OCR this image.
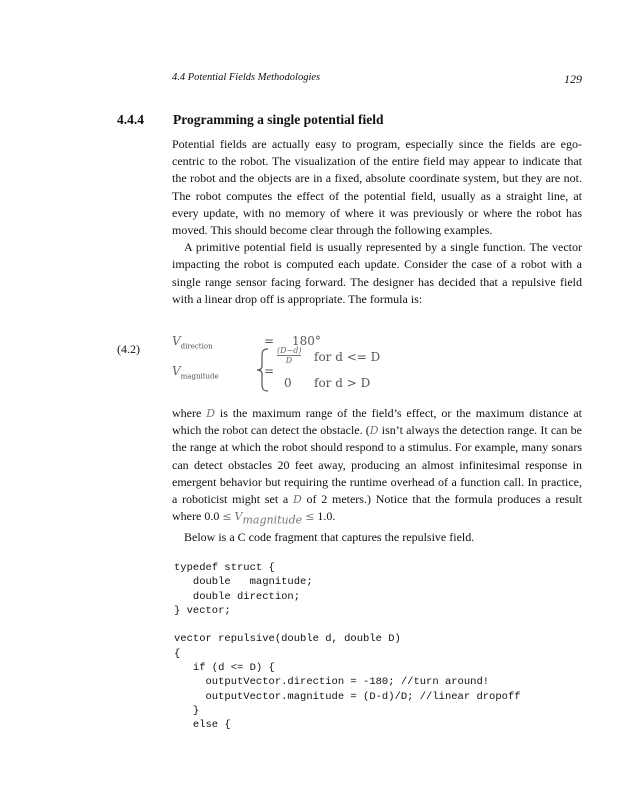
4.4 Potential Fields Methodologies	129
4.4.4 Programming a single potential field

Potential fields are actually easy to program, especially since the fields are ego-centric to the robot. The visualization of the entire field may appear to indicate that the robot and the objects are in a fixed, absolute coordinate system, but they are not. The robot computes the effect of the potential field, usually as a straight line, at every update, with no memory of where it was previously or where the robot has moved. This should become clear through the following examples.

A primitive potential field is usually represented by a single function. The vector impacting the robot is computed each update. Consider the case of a robot with a single range sensor facing forward. The designer has decided that a repulsive field with a linear drop off is appropriate. The formula is:

(4.2)
$V_{direction}$	= 180°
$V_{magnitude}$	=
(D−d)
D	for d <= D
0 for d > D

where D is the maximum range of the field’s effect, or the maximum distance at which the robot can detect the obstacle. (D isn’t always the detection range. It can be the range at which the robot should respond to a stimulus. For example, many sonars can detect obstacles 20 feet away, producing an almost infinitesimal response in emergent behavior but requiring the runtime overhead of a function call. In practice, a roboticist might set a D of 2 meters.) Notice that the formula produces a result where $0.0 \le V_{magnitude} \le 1.0$.

Below is a C code fragment that captures the repulsive field.

typedef struct {
double   magnitude;
double direction;
} vector;
vector repulsive(double d, double D)
{
if (d <= D) {
outputVector.direction = -180; //turn around!
outputVector.magnitude = (D-d)/D; //linear dropoff
}
else {
